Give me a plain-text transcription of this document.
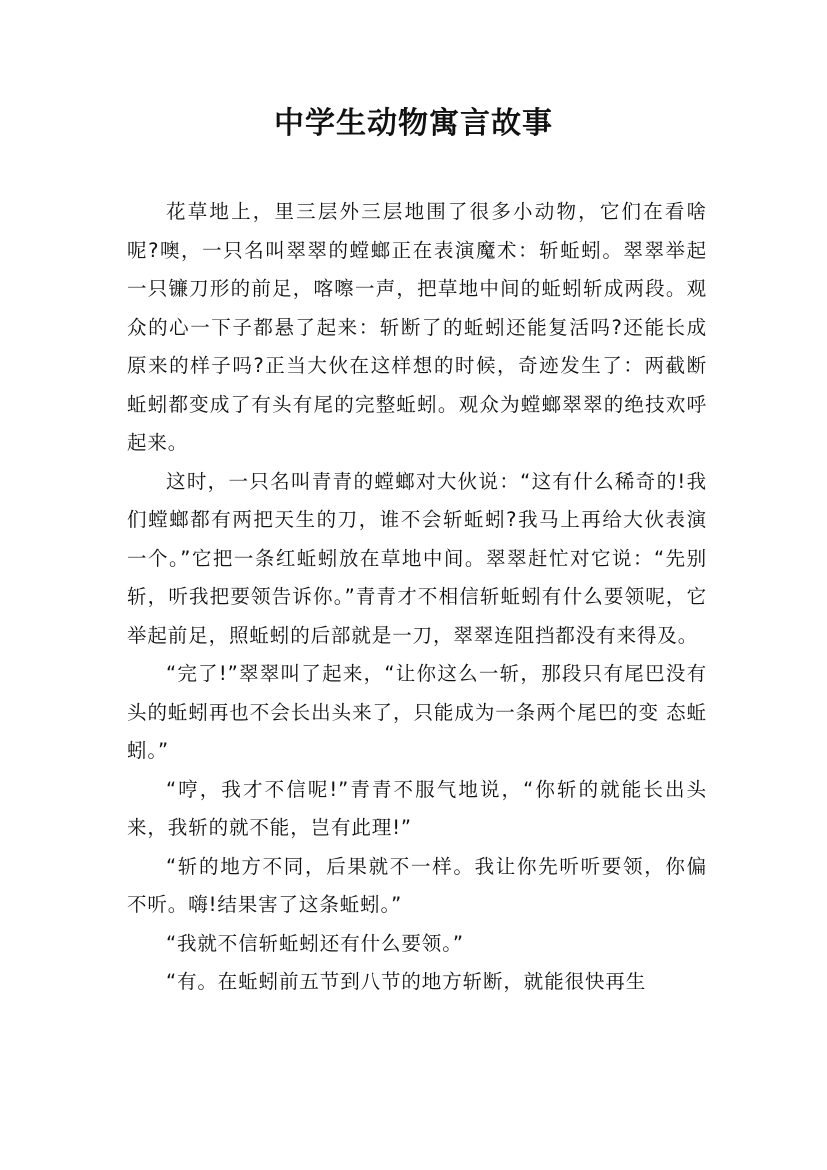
中学生动物寓言故事

花草地上，里三层外三层地围了很多小动物，它们在看啥呢?噢，一只名叫翠翠的螳螂正在表演魔术：斩蚯蚓。翠翠举起一只镰刀形的前足，喀嚓一声，把草地中间的蚯蚓斩成两段。观众的心一下子都悬了起来：斩断了的蚯蚓还能复活吗?还能长成原来的样子吗?正当大伙在这样想的时候，奇迹发生了：两截断蚯蚓都变成了有头有尾的完整蚯蚓。观众为螳螂翠翠的绝技欢呼起来。

这时，一只名叫青青的螳螂对大伙说：“这有什么稀奇的!我们螳螂都有两把天生的刀，谁不会斩蚯蚓?我马上再给大伙表演一个。”它把一条红蚯蚓放在草地中间。翠翠赶忙对它说：“先别斩，听我把要领告诉你。”青青才不相信斩蚯蚓有什么要领呢，它举起前足，照蚯蚓的后部就是一刀，翠翠连阻挡都没有来得及。

“完了!”翠翠叫了起来，“让你这么一斩，那段只有尾巴没有头的蚯蚓再也不会长出头来了，只能成为一条两个尾巴的变 态蚯蚓。”

“哼，我才不信呢!”青青不服气地说，“你斩的就能长出头来，我斩的就不能，岂有此理!”

“斩的地方不同，后果就不一样。我让你先听听要领，你偏不听。嗨!结果害了这条蚯蚓。”

“我就不信斩蚯蚓还有什么要领。”

“有。在蚯蚓前五节到八节的地方斩断，就能很快再生
